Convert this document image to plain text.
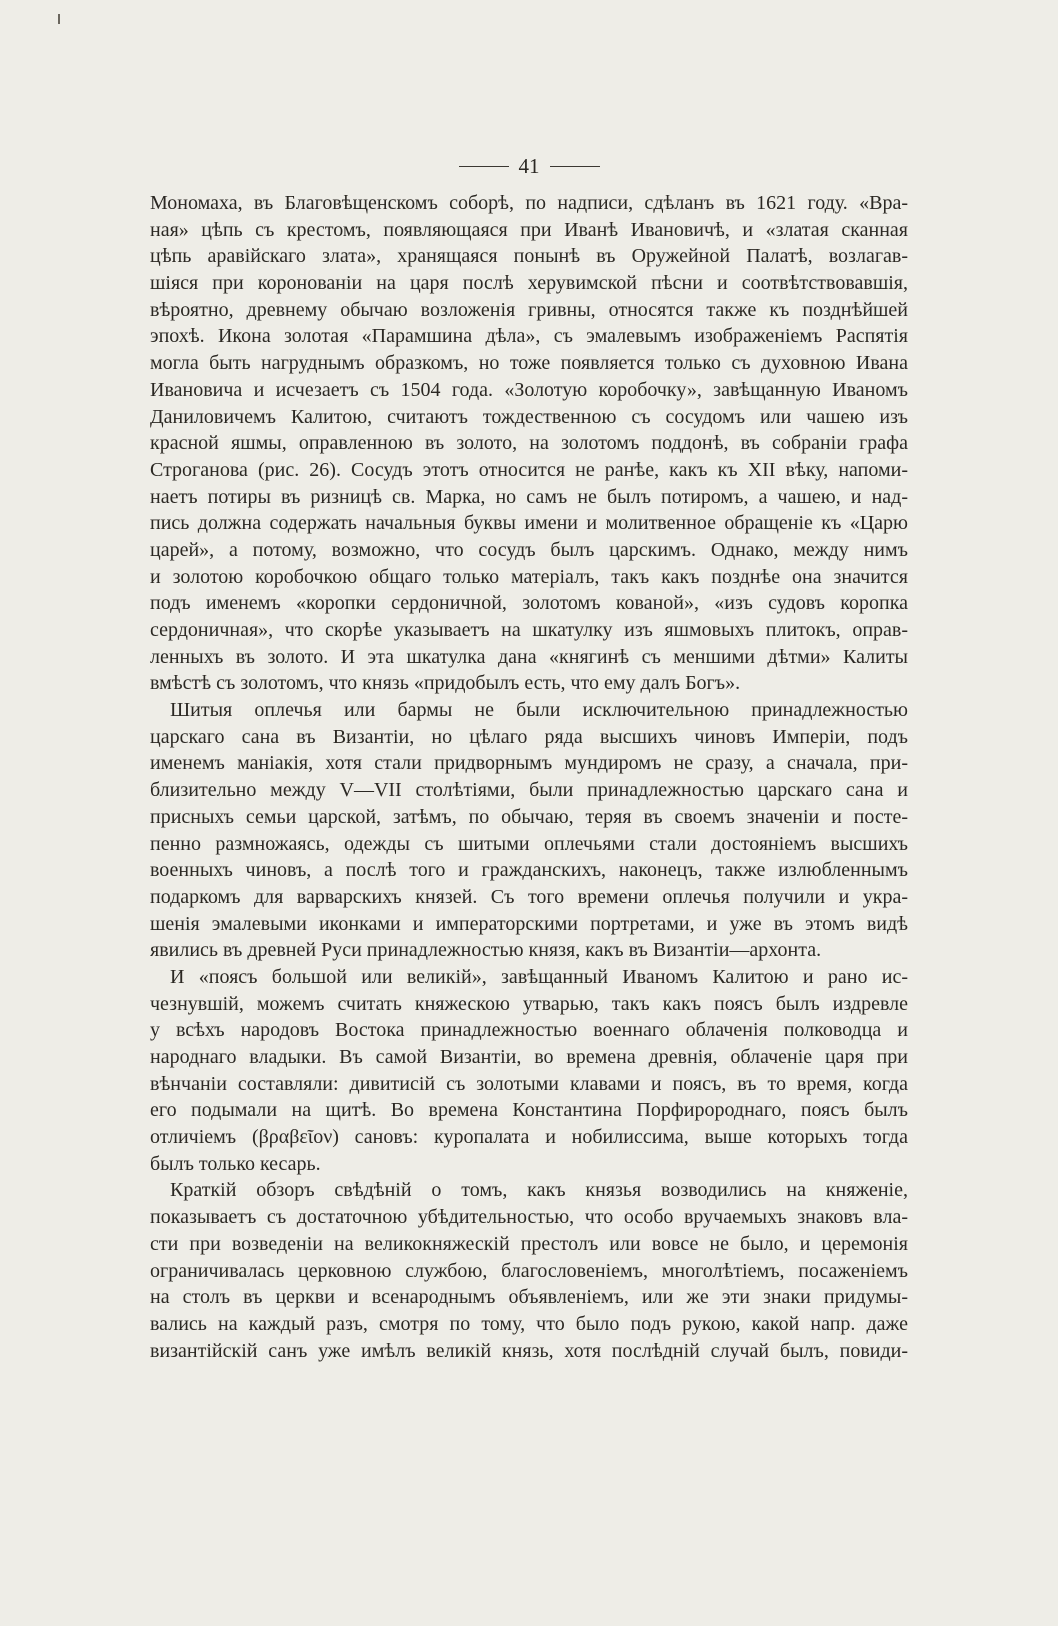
41
Мономаха, въ Благовѣщенскомъ соборѣ, по надписи, сдѣланъ въ 1621 году. «Вра-
ная» цѣпь съ крестомъ, появляющаяся при Иванѣ Ивановичѣ, и «златая сканная
цѣпь аравійскаго злата», хранящаяся понынѣ въ Оружейной Палатѣ, возлагав-
шіяся при коронованіи на царя послѣ херувимской пѣсни и соотвѣтствовавшія,
вѣроятно, древнему обычаю возложенія гривны, относятся также къ позднѣйшей
эпохѣ. Икона золотая «Парамшина дѣла», съ эмалевымъ изображеніемъ Распятія
могла быть нагруднымъ образкомъ, но тоже появляется только съ духовною Ивана
Ивановича и исчезаетъ съ 1504 года. «Золотую коробочку», завѣщанную Иваномъ
Даниловичемъ Калитою, считаютъ тождественною съ сосудомъ или чашею изъ
красной яшмы, оправленною въ золото, на золотомъ поддонѣ, въ собраніи графа
Строганова (рис. 26). Сосудъ этотъ относится не ранѣе, какъ къ XII вѣку, напоми-
наетъ потиры въ ризницѣ св. Марка, но самъ не былъ потиромъ, а чашею, и над-
пись должна содержать начальныя буквы имени и молитвенное обращеніе къ «Царю
царей», а потому, возможно, что сосудъ былъ царскимъ. Однако, между нимъ
и золотою коробочкою общаго только матеріалъ, такъ какъ позднѣе она значится
подъ именемъ «коропки сердоничной, золотомъ кованой», «изъ судовъ коропка
сердоничная», что скорѣе указываетъ на шкатулку изъ яшмовыхъ плитокъ, оправ-
ленныхъ въ золото. И эта шкатулка дана «княгинѣ съ меншими дѣтми» Калиты
вмѣстѣ съ золотомъ, что князь «придобылъ есть, что ему далъ Богъ».
Шитыя оплечья или бармы не были исключительною принадлежностью
царскаго сана въ Византіи, но цѣлаго ряда высшихъ чиновъ Имперіи, подъ
именемъ маніакія, хотя стали придворнымъ мундиромъ не сразу, а сначала, при-
близительно между V—VII столѣтіями, были принадлежностью царскаго сана и
присныхъ семьи царской, затѣмъ, по обычаю, теряя въ своемъ значеніи и посте-
пенно размножаясь, одежды съ шитыми оплечьями стали достояніемъ высшихъ
военныхъ чиновъ, а послѣ того и гражданскихъ, наконецъ, также излюбленнымъ
подаркомъ для варварскихъ князей. Съ того времени оплечья получили и укра-
шенія эмалевыми иконками и императорскими портретами, и уже въ этомъ видѣ
явились въ древней Руси принадлежностью князя, какъ въ Византіи—архонта.
И «поясъ большой или великій», завѣщанный Иваномъ Калитою и рано ис-
чезнувшій, можемъ считать княжескою утварью, такъ какъ поясъ былъ издревле
у всѣхъ народовъ Востока принадлежностью военнаго облаченія полководца и
народнаго владыки. Въ самой Византіи, во времена древнія, облаченіе царя при
вѣнчаніи составляли: дивитисій съ золотыми клавами и поясъ, въ то время, когда
его подымали на щитѣ. Во времена Константина Порфиророднаго, поясъ былъ
отличіемъ (βραβεῖον) сановъ: куропалата и нобилиссима, выше которыхъ тогда
былъ только кесарь.
Краткій обзоръ свѣдѣній о томъ, какъ князья возводились на княженіе,
показываетъ съ достаточною убѣдительностью, что особо вручаемыхъ знаковъ вла-
сти при возведеніи на великокняжескій престолъ или вовсе не было, и церемонія
ограничивалась церковною службою, благословеніемъ, многолѣтіемъ, посаженіемъ
на столъ въ церкви и всенароднымъ объявленіемъ, или же эти знаки придумы-
вались на каждый разъ, смотря по тому, что было подъ рукою, какой напр. даже
византійскій санъ уже имѣлъ великій князь, хотя послѣдній случай былъ, повиди-
